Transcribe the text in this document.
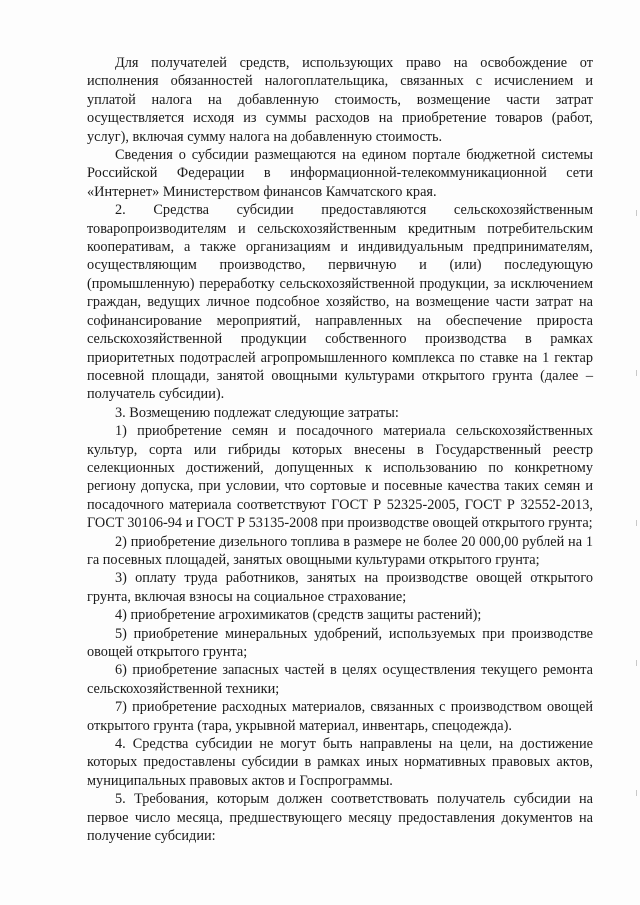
Для получателей средств, использующих право на освобождение от исполнения обязанностей налогоплательщика, связанных с исчислением и уплатой налога на добавленную стоимость, возмещение части затрат осуществляется исходя из суммы расходов на приобретение товаров (работ, услуг), включая сумму налога на добавленную стоимость.

Сведения о субсидии размещаются на едином портале бюджетной системы Российской Федерации в информационной-телекоммуникационной сети «Интернет» Министерством финансов Камчатского края.

2. Средства субсидии предоставляются сельскохозяйственным товаропроизводителям и сельскохозяйственным кредитным потребительским кооперативам, а также организациям и индивидуальным предпринимателям, осуществляющим производство, первичную и (или) последующую (промышленную) переработку сельскохозяйственной продукции, за исключением граждан, ведущих личное подсобное хозяйство, на возмещение части затрат на софинансирование мероприятий, направленных на обеспечение прироста сельскохозяйственной продукции собственного производства в рамках приоритетных подотраслей агропромышленного комплекса по ставке на 1 гектар посевной площади, занятой овощными культурами открытого грунта (далее – получатель субсидии).

3. Возмещению подлежат следующие затраты:

1) приобретение семян и посадочного материала сельскохозяйственных культур, сорта или гибриды которых внесены в Государственный реестр селекционных достижений, допущенных к использованию по конкретному региону допуска, при условии, что сортовые и посевные качества таких семян и посадочного материала соответствуют ГОСТ Р 52325-2005, ГОСТ Р 32552-2013, ГОСТ 30106-94 и ГОСТ Р 53135-2008 при производстве овощей открытого грунта;

2) приобретение дизельного топлива в размере не более 20 000,00 рублей на 1 га посевных площадей, занятых овощными культурами открытого грунта;

3) оплату труда работников, занятых на производстве овощей открытого грунта, включая взносы на социальное страхование;

4) приобретение агрохимикатов (средств защиты растений);

5) приобретение минеральных удобрений, используемых при производстве овощей открытого грунта;

6) приобретение запасных частей в целях осуществления текущего ремонта сельскохозяйственной техники;

7) приобретение расходных материалов, связанных с производством овощей открытого грунта (тара, укрывной материал, инвентарь, спецодежда).

4. Средства субсидии не могут быть направлены на цели, на достижение которых предоставлены субсидии в рамках иных нормативных правовых актов, муниципальных правовых актов и Госпрограммы.

5. Требования, которым должен соответствовать получатель субсидии на первое число месяца, предшествующего месяцу предоставления документов на получение субсидии:
